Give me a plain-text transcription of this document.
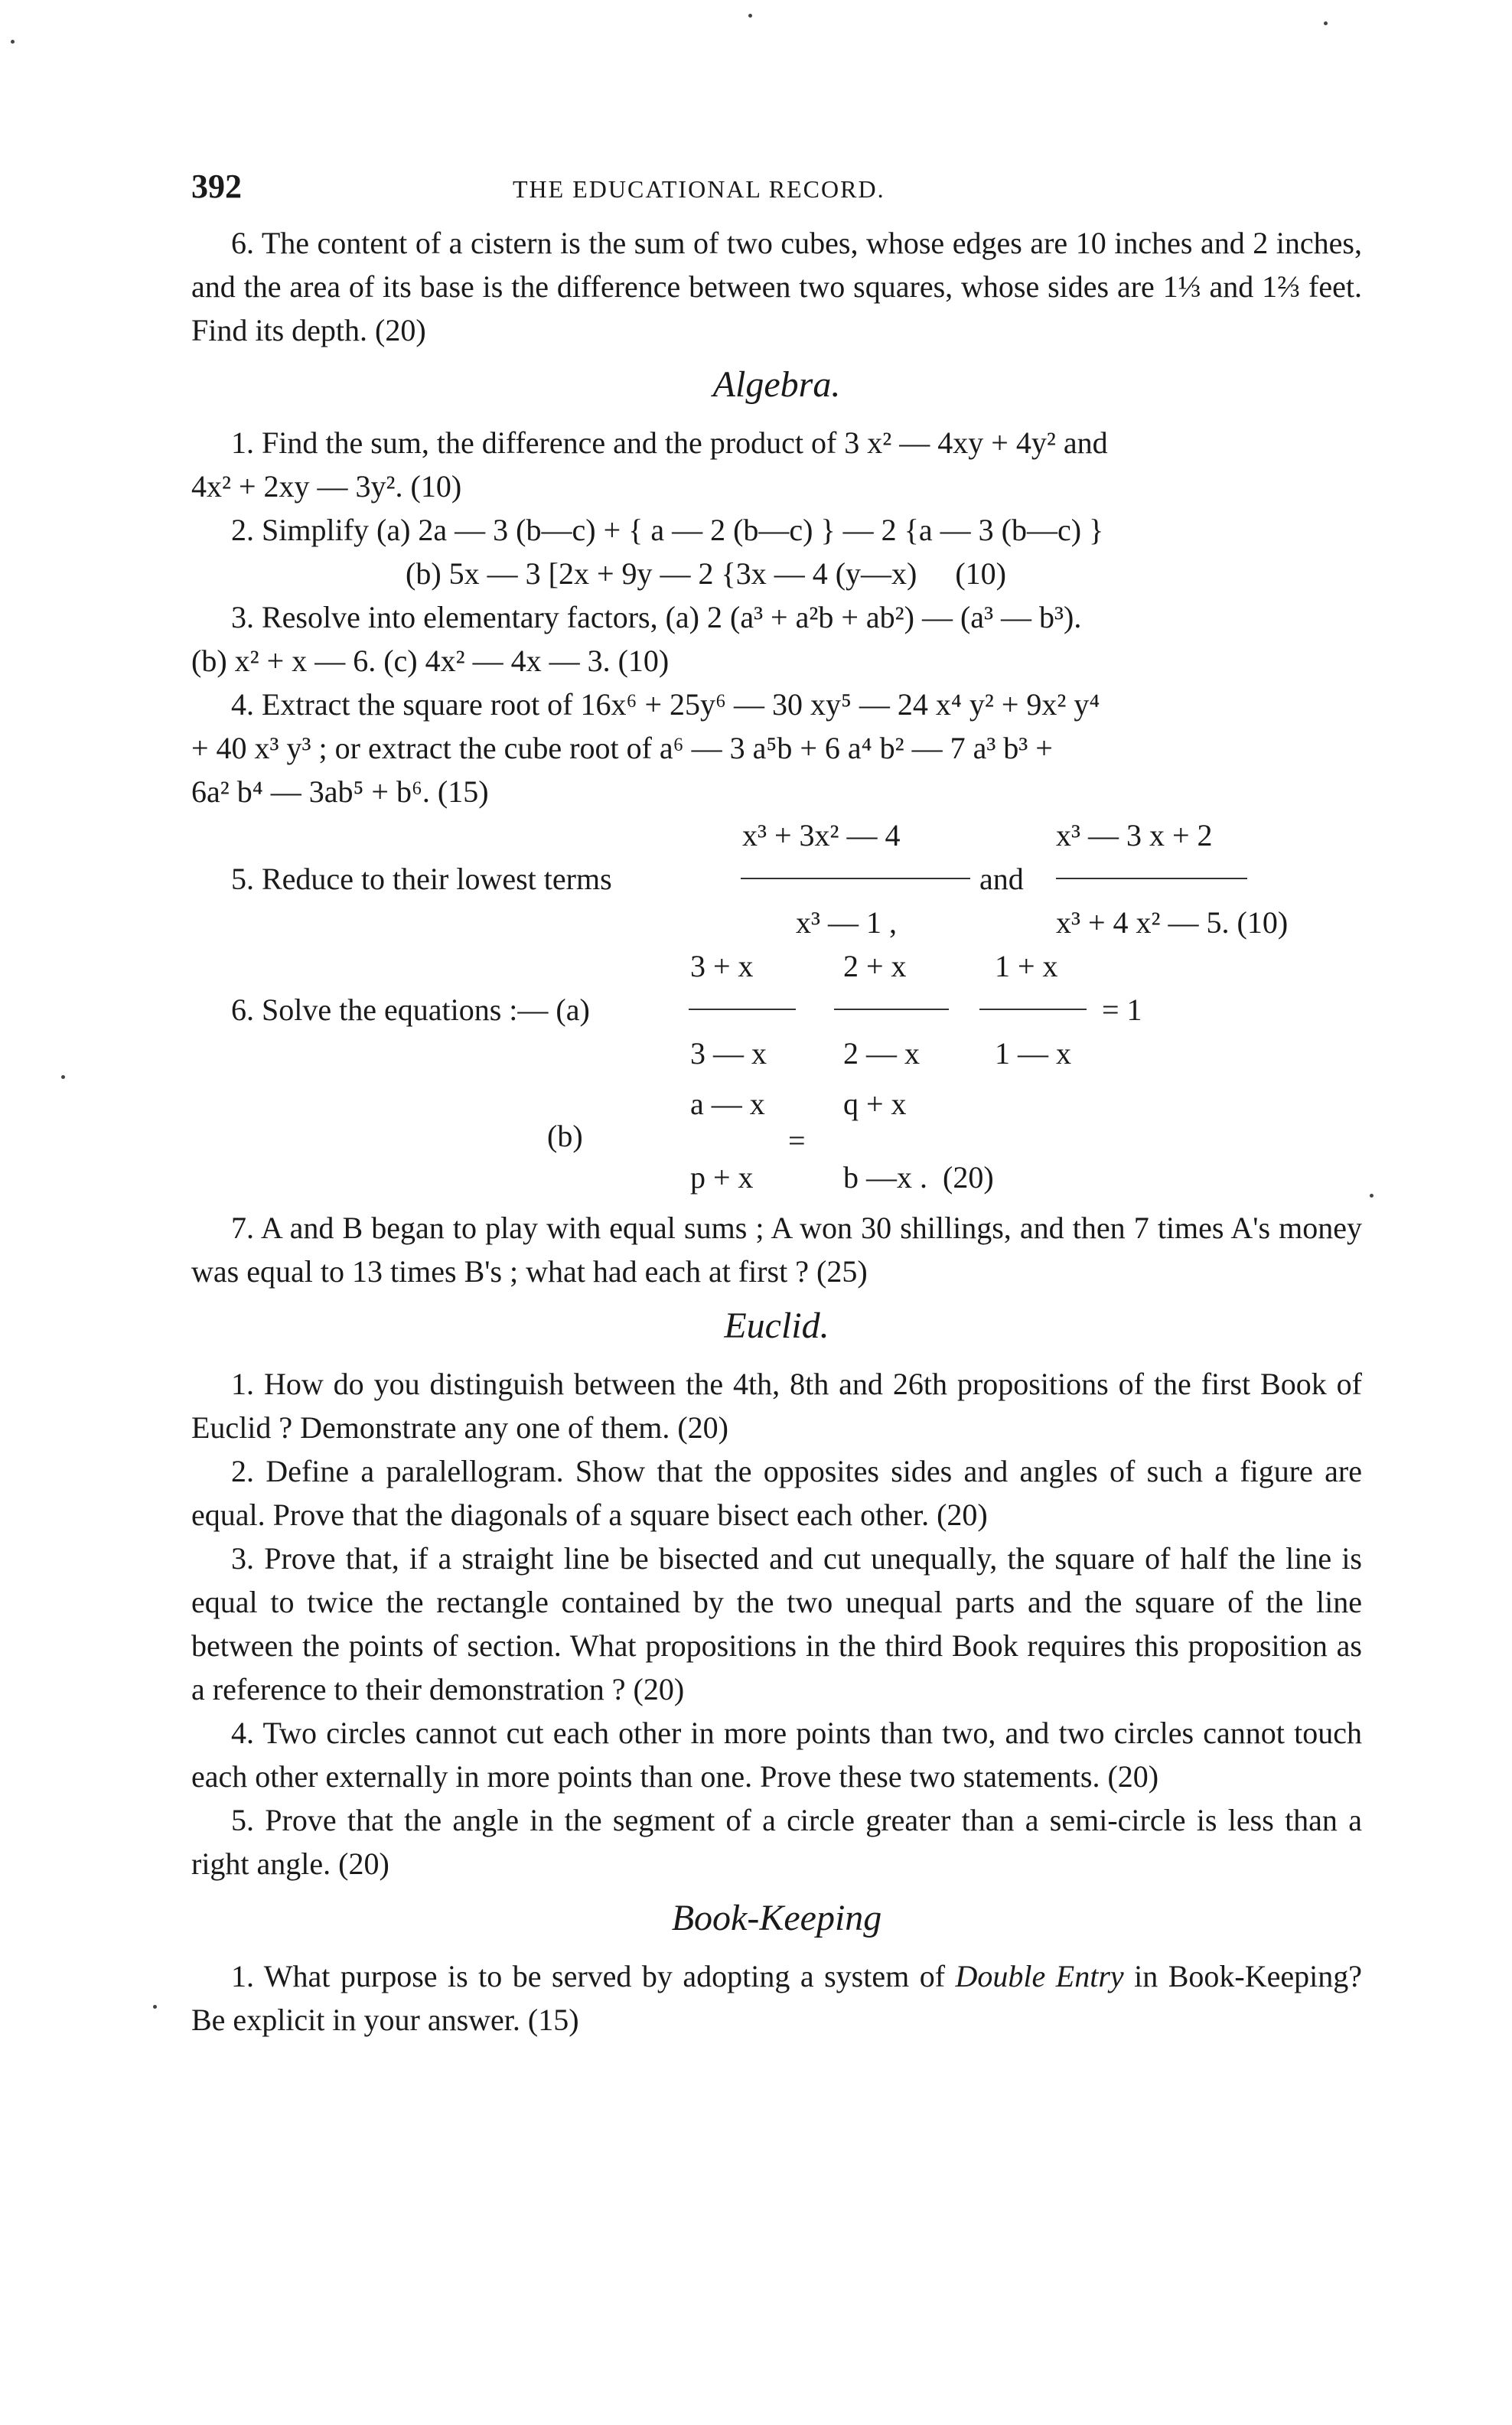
392	THE EDUCATIONAL RECORD.

6. The content of a cistern is the sum of two cubes, whose edges are 10 inches and 2 inches, and the area of its base is the difference between two squares, whose sides are 1⅓ and 1⅔ feet. Find its depth. (20)

Algebra.

1. Find the sum, the difference and the product of 3 x² — 4xy + 4y² and

4x² + 2xy — 3y². (10)

2. Simplify (a) 2a — 3 (b—c) + { a — 2 (b—c) } — 2 {a — 3 (b—c) }

(b) 5x — 3 [2x + 9y — 2 {3x — 4 (y—x)     (10)

3. Resolve into elementary factors, (a) 2 (a³ + a²b + ab²) — (a³ — b³).

(b) x² + x — 6. (c) 4x² — 4x — 3. (10)

4. Extract the square root of 16x⁶ + 25y⁶ — 30 xy⁵ — 24 x⁴ y² + 9x² y⁴

+ 40 x³ y³ ; or extract the cube root of a⁶ — 3 a⁵b + 6 a⁴ b² — 7 a³ b³ +

6a² b⁴ — 3ab⁵ + b⁶. (15)

x³ + 3x² — 4	x³ — 3 x + 2
5. Reduce to their lowest terms	and
x³ — 1 ,	x³ + 4 x² — 5. (10)
3 + x	2 + x	1 + x
6. Solve the equations :— (a)	= 1
3 — x	2 — x 1 — x
a — x	q + x
(b)	=
p + x	b —x .  (20)

7. A and B began to play with equal sums ; A won 30 shillings, and then 7 times A's money was equal to 13 times B's ; what had each at first ? (25)

Euclid.

1. How do you distinguish between the 4th, 8th and 26th propositions of the first Book of Euclid ? Demonstrate any one of them. (20)

2. Define a paralellogram. Show that the opposites sides and angles of such a figure are equal. Prove that the diagonals of a square bisect each other. (20)

3. Prove that, if a straight line be bisected and cut unequally, the square of half the line is equal to twice the rectangle contained by the two unequal parts and the square of the line between the points of section. What propositions in the third Book requires this proposition as a reference to their demonstration ? (20)

4. Two circles cannot cut each other in more points than two, and two circles cannot touch each other externally in more points than one. Prove these two statements. (20)

5. Prove that the angle in the segment of a circle greater than a semi-circle is less than a right angle. (20)

Book-Keeping

1. What purpose is to be served by adopting a system of Double Entry in Book-Keeping? Be explicit in your answer. (15)
